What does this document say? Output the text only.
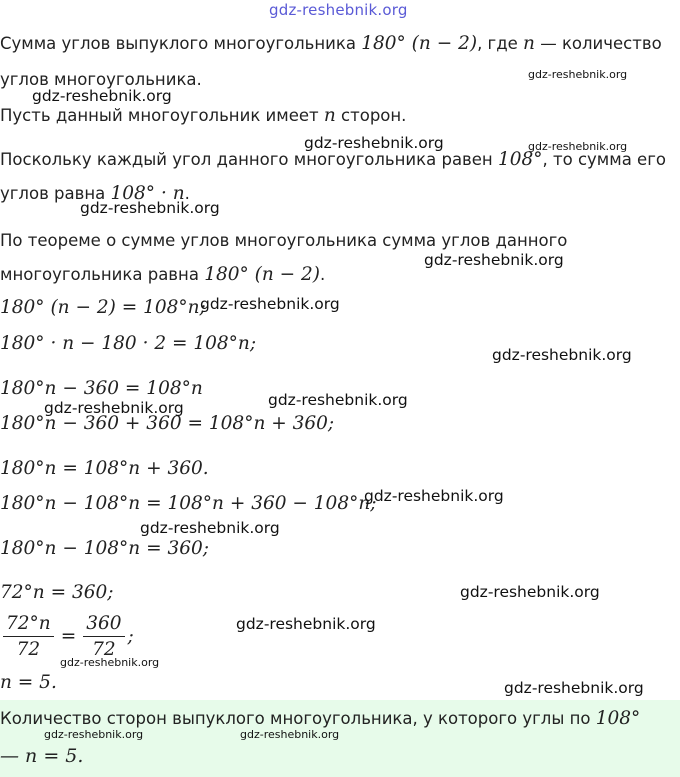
gdz-reshebnik.org
Сумма углов выпуклого многоугольника 180° (n − 2), где n — количество
углов многоугольника.
Пусть данный многоугольник имеет n сторон.
Поскольку каждый угол данного многоугольника равен 108°, то сумма его
углов равна 108° · n.
По теореме о сумме углов многоугольника сумма углов данного
многоугольника равна 180° (n − 2).
180° (n − 2) = 108°n;
180° · n − 180 · 2 = 108°n;
180°n − 360 = 108°n
180°n − 360 + 360 = 108°n + 360;
180°n = 108°n + 360.
180°n − 108°n = 108°n + 360 − 108°n;
180°n − 108°n = 360;
72°n = 360;
$\frac{72^\circ n}{72} = \frac{360}{72}$ ;
n = 5.
Количество сторон выпуклого многоугольника, у которого углы по 108°
— n = 5.
gdz-reshebnik.org
gdz-reshebnik.org
gdz-reshebnik.org	gdz-reshebnik.org
gdz-reshebnik.org
gdz-reshebnik.org
gdz-reshebnik.org
gdz-reshebnik.org
gdz-reshebnik.org
gdz-reshebnik.org
gdz-reshebnik.org
gdz-reshebnik.org
gdz-reshebnik.org
gdz-reshebnik.org
gdz-reshebnik.org
gdz-reshebnik.org
gdz-reshebnik.org	gdz-reshebnik.org
